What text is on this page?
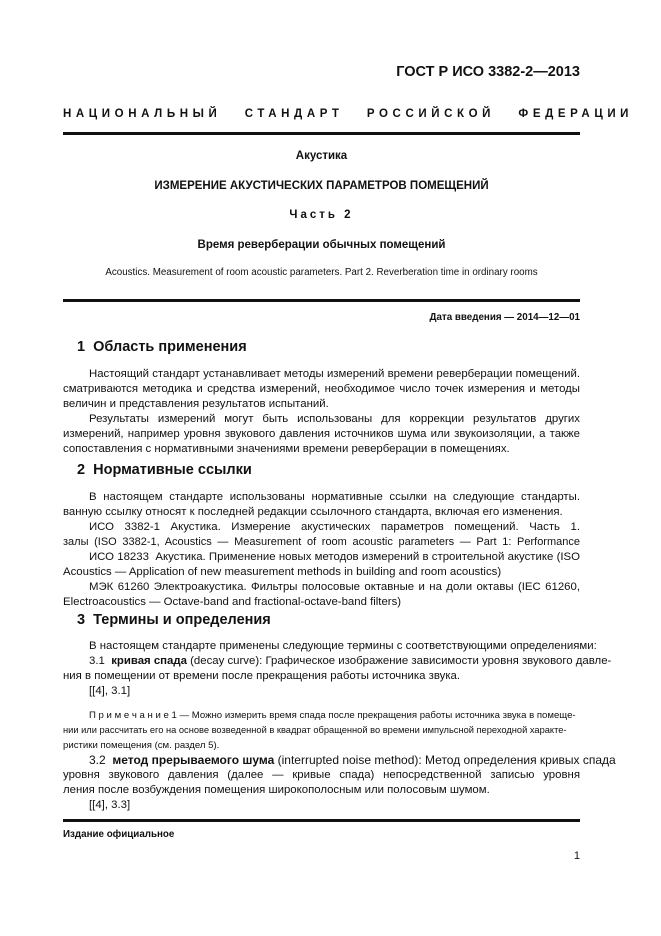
ГОСТ Р ИСО 3382-2—2013
НАЦИОНАЛЬНЫЙ   СТАНДАРТ   РОССИЙСКОЙ   ФЕДЕРАЦИИ
Акустика
ИЗМЕРЕНИЕ АКУСТИЧЕСКИХ ПАРАМЕТРОВ ПОМЕЩЕНИЙ
Часть 2
Время реверберации обычных помещений
Acoustics. Measurement of room acoustic parameters. Part 2. Reverberation time in ordinary rooms
Дата введения — 2014—12—01
1  Область применения
Настоящий стандарт устанавливает методы измерений времени реверберации помещений.
сматриваются методика и средства измерений, необходимое число точек измерения и методы
величин и представления результатов испытаний.
Результаты измерений могут быть использованы для коррекции результатов других
измерений, например уровня звукового давления источников шума или звукоизоляции, а также
сопоставления с нормативными значениями времени реверберации в помещениях.
2  Нормативные ссылки
В настоящем стандарте использованы нормативные ссылки на следующие стандарты.
ванную ссылку относят к последней редакции ссылочного стандарта, включая его изменения.
ИСО 3382-1 Акустика. Измерение акустических параметров помещений. Часть 1.
залы (ISO 3382-1, Acoustics — Measurement of room acoustic parameters — Part 1: Performance
ИСО 18233  Акустика. Применение новых методов измерений в строительной акустике (ISO
Acoustics — Application of new measurement methods in building and room acoustics)
МЭК 61260 Электроакустика. Фильтры полосовые октавные и на доли октавы (IEC 61260,
Electroacoustics — Octave-band and fractional-octave-band filters)
3  Термины и определения
В настоящем стандарте применены следующие термины с соответствующими определениями:
3.1 кривая спада (decay curve): Графическое изображение зависимости уровня звукового давле-
ния в помещении от времени после прекращения работы источника звука.
[[4], 3.1]
П р и м е ч а н и е 1 — Можно измерить время спада после прекращения работы источника звука в помеще-
нии или рассчитать его на основе возведенной в квадрат обращенной во времени импульсной переходной характе-
ристики помещения (см. раздел 5).
3.2 метод прерываемого шума (interrupted noise method): Метод определения кривых спада
уровня звукового давления (далее — кривые спада) непосредственной записью уровня
ления после возбуждения помещения широкополосным или полосовым шумом.
[[4], 3.3]
Издание официальное
1
